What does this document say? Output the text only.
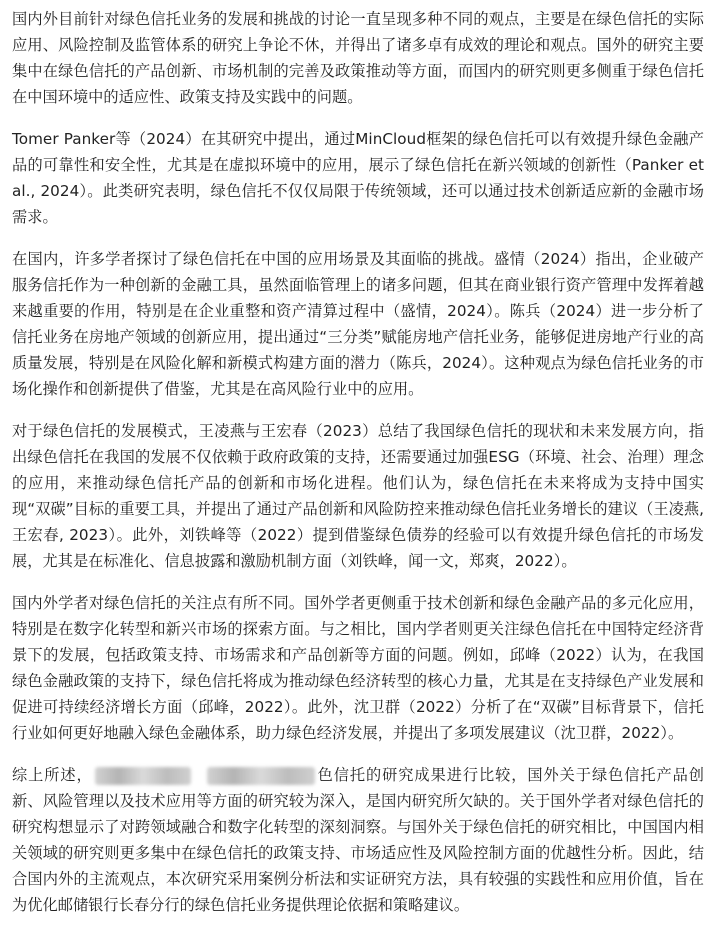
国内外目前针对绿色信托业务的发展和挑战的讨论一直呈现多种不同的观点，主要是在绿色信托的实际应用、风险控制及监管体系的研究上争论不休，并得出了诸多卓有成效的理论和观点。国外的研究主要集中在绿色信托的产品创新、市场机制的完善及政策推动等方面，而国内的研究则更多侧重于绿色信托在中国环境中的适应性、政策支持及实践中的问题。

Tomer Panker等（2024）在其研究中提出，通过MinCloud框架的绿色信托可以有效提升绿色金融产品的可靠性和安全性，尤其是在虚拟环境中的应用，展示了绿色信托在新兴领域的创新性（Panker et al., 2024）。此类研究表明，绿色信托不仅仅局限于传统领域，还可以通过技术创新适应新的金融市场需求。

在国内，许多学者探讨了绿色信托在中国的应用场景及其面临的挑战。盛情（2024）指出，企业破产服务信托作为一种创新的金融工具，虽然面临管理上的诸多问题，但其在商业银行资产管理中发挥着越来越重要的作用，特别是在企业重整和资产清算过程中（盛情，2024）。陈兵（2024）进一步分析了信托业务在房地产领域的创新应用，提出通过“三分类”赋能房地产信托业务，能够促进房地产行业的高质量发展，特别是在风险化解和新模式构建方面的潜力（陈兵，2024）。这种观点为绿色信托业务的市场化操作和创新提供了借鉴，尤其是在高风险行业中的应用。

对于绿色信托的发展模式，王凌燕与王宏春（2023）总结了我国绿色信托的现状和未来发展方向，指出绿色信托在我国的发展不仅依赖于政府政策的支持，还需要通过加强ESG（环境、社会、治理）理念的应用，来推动绿色信托产品的创新和市场化进程。他们认为，绿色信托在未来将成为支持中国实现“双碳”目标的重要工具，并提出了通过产品创新和风险防控来推动绿色信托业务增长的建议（王凌燕, 王宏春, 2023）。此外，刘铁峰等（2022）提到借鉴绿色债券的经验可以有效提升绿色信托的市场发展，尤其是在标准化、信息披露和激励机制方面（刘铁峰，闻一文，郑爽，2022）。

国内外学者对绿色信托的关注点有所不同。国外学者更侧重于技术创新和绿色金融产品的多元化应用，特别是在数字化转型和新兴市场的探索方面。与之相比，国内学者则更关注绿色信托在中国特定经济背景下的发展，包括政策支持、市场需求和产品创新等方面的问题。例如，邱峰（2022）认为，在我国绿色金融政策的支持下，绿色信托将成为推动绿色经济转型的核心力量，尤其是在支持绿色产业发展和促进可持续经济增长方面（邱峰，2022）。此外，沈卫群（2022）分析了在“双碳”目标背景下，信托行业如何更好地融入绿色金融体系，助力绿色经济发展，并提出了多项发展建议（沈卫群，2022）。

综上所述，	色信托的研究成果进行比较，国外关于绿色信托产品创新、风险管理以及技术应用等方面的研究较为深入，是国内研究所欠缺的。关于国外学者对绿色信托的研究构想显示了对跨领域融合和数字化转型的深刻洞察。与国外关于绿色信托的研究相比，中国国内相关领域的研究则更多集中在绿色信托的政策支持、市场适应性及风险控制方面的优越性分析。因此，结合国内外的主流观点，本次研究采用案例分析法和实证研究方法，具有较强的实践性和应用价值，旨在为优化邮储银行长春分行的绿色信托业务提供理论依据和策略建议。
